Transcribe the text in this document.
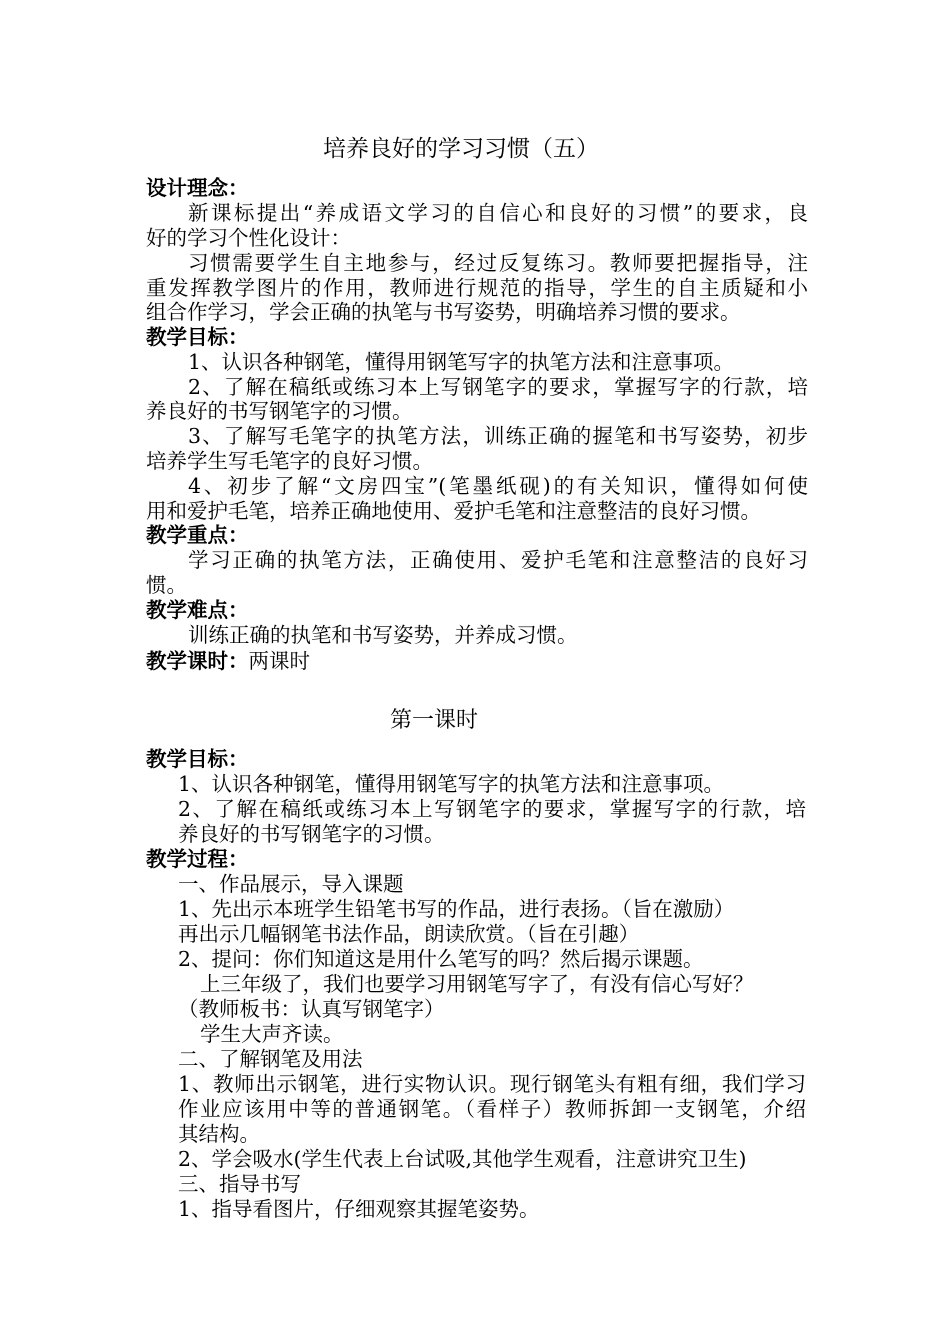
培养良好的学习习惯（五）
设计理念：
新课标提出“养成语文学习的自信心和良好的习惯”的要求，良
好的学习个性化设计：
习惯需要学生自主地参与，经过反复练习。教师要把握指导，注
重发挥教学图片的作用，教师进行规范的指导，学生的自主质疑和小
组合作学习，学会正确的执笔与书写姿势，明确培养习惯的要求。
教学目标：
1、认识各种钢笔，懂得用钢笔写字的执笔方法和注意事项。
2、了解在稿纸或练习本上写钢笔字的要求，掌握写字的行款，培
养良好的书写钢笔字的习惯。
3、了解写毛笔字的执笔方法，训练正确的握笔和书写姿势，初步
培养学生写毛笔字的良好习惯。
4、初步了解“文房四宝”(笔墨纸砚)的有关知识，懂得如何使
用和爱护毛笔，培养正确地使用、爱护毛笔和注意整洁的良好习惯。
教学重点：
学习正确的执笔方法，正确使用、爱护毛笔和注意整洁的良好习
惯。
教学难点：
训练正确的执笔和书写姿势，并养成习惯。
教学课时：两课时
第一课时
教学目标：
1、认识各种钢笔，懂得用钢笔写字的执笔方法和注意事项。
2、了解在稿纸或练习本上写钢笔字的要求，掌握写字的行款，培
养良好的书写钢笔字的习惯。
教学过程：
一、作品展示，导入课题
1、先出示本班学生铅笔书写的作品，进行表扬。（旨在激励）
再出示几幅钢笔书法作品，朗读欣赏。（旨在引趣）
2、提问：你们知道这是用什么笔写的吗？然后揭示课题。
上三年级了，我们也要学习用钢笔写字了，有没有信心写好？
（教师板书：认真写钢笔字）
学生大声齐读。
二、了解钢笔及用法
1、教师出示钢笔，进行实物认识。现行钢笔头有粗有细，我们学习
作业应该用中等的普通钢笔。（看样子）教师拆卸一支钢笔，介绍
其结构。
2、学会吸水(学生代表上台试吸,其他学生观看，注意讲究卫生)
三、指导书写
1、指导看图片，仔细观察其握笔姿势。
